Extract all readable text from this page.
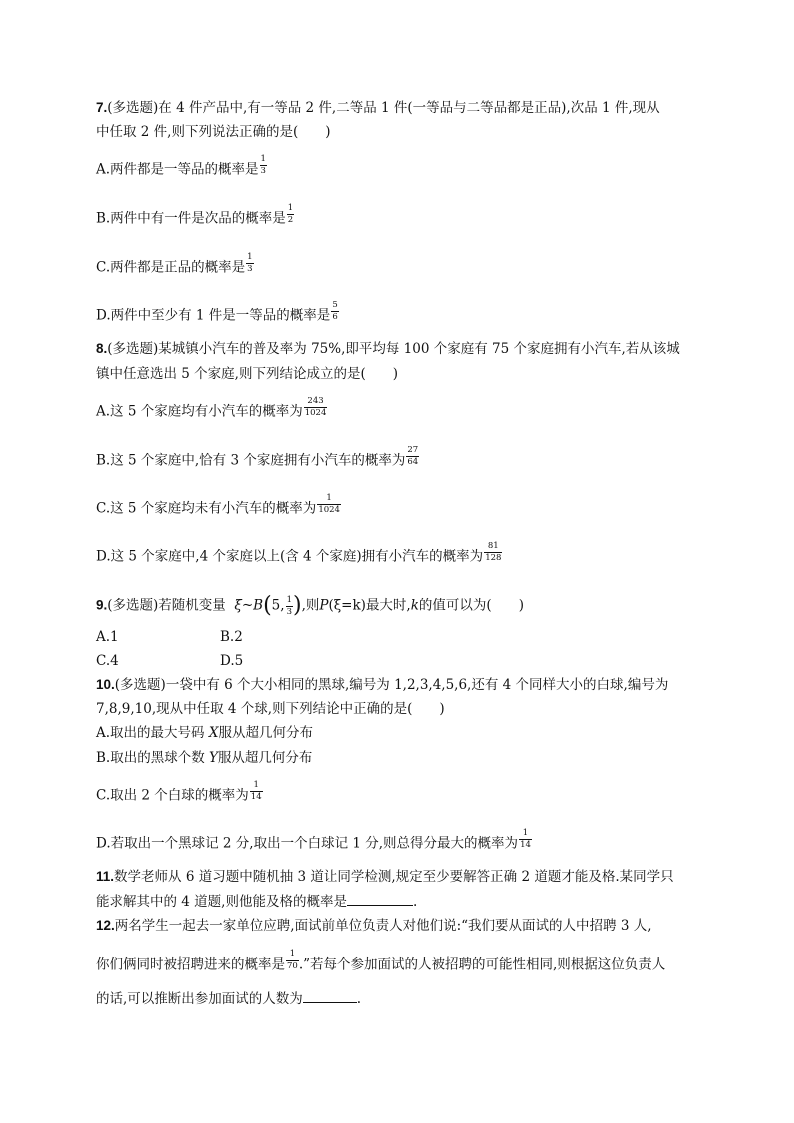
7.(多选题)在 4 件产品中,有一等品 2 件,二等品 1 件(一等品与二等品都是正品),次品 1 件,现从
中任取 2 件,则下列说法正确的是(　　)
A.两件都是一等品的概率是 $\frac{1}{3}$
B.两件中有一件是次品的概率是 $\frac{1}{2}$
C.两件都是正品的概率是 $\frac{1}{3}$
D.两件中至少有 1 件是一等品的概率是 $\frac{5}{6}$
8.(多选题)某城镇小汽车的普及率为 75%,即平均每 100 个家庭有 75 个家庭拥有小汽车,若从该城
镇中任意选出 5 个家庭,则下列结论成立的是(　　)
A.这 5 个家庭均有小汽车的概率为 $\frac{243}{1024}$
B.这 5 个家庭中,恰有 3 个家庭拥有小汽车的概率为 $\frac{27}{64}$
C.这 5 个家庭均未有小汽车的概率为 $\frac{1}{1024}$
D.这 5 个家庭中,4 个家庭以上(含 4 个家庭)拥有小汽车的概率为 $\frac{81}{128}$
9.(多选题)若随机变量 ξ~B(5, $\frac{1}{3}$ ),则P(ξ=k)最大时,k的值可以为(　　)
A.1	B.2
C.4	D.5
10.(多选题)一袋中有 6 个大小相同的黑球,编号为 1,2,3,4,5,6,还有 4 个同样大小的白球,编号为
7,8,9,10,现从中任取 4 个球,则下列结论中正确的是(　　)
A.取出的最大号码 X服从超几何分布
B.取出的黑球个数 Y服从超几何分布
C.取出 2 个白球的概率为 $\frac{1}{14}$
D.若取出一个黑球记 2 分,取出一个白球记 1 分,则总得分最大的概率为 $\frac{1}{14}$
11.数学老师从 6 道习题中随机抽 3 道让同学检测,规定至少要解答正确 2 道题才能及格.某同学只
能求解其中的 4 道题,则他能及格的概率是	.
12.两名学生一起去一家单位应聘,面试前单位负责人对他们说:“我们要从面试的人中招聘 3 人,
你们俩同时被招聘进来的概率是 $\frac{1}{70}$ .”若每个参加面试的人被招聘的可能性相同,则根据这位负责人
的话,可以推断出参加面试的人数为	.
